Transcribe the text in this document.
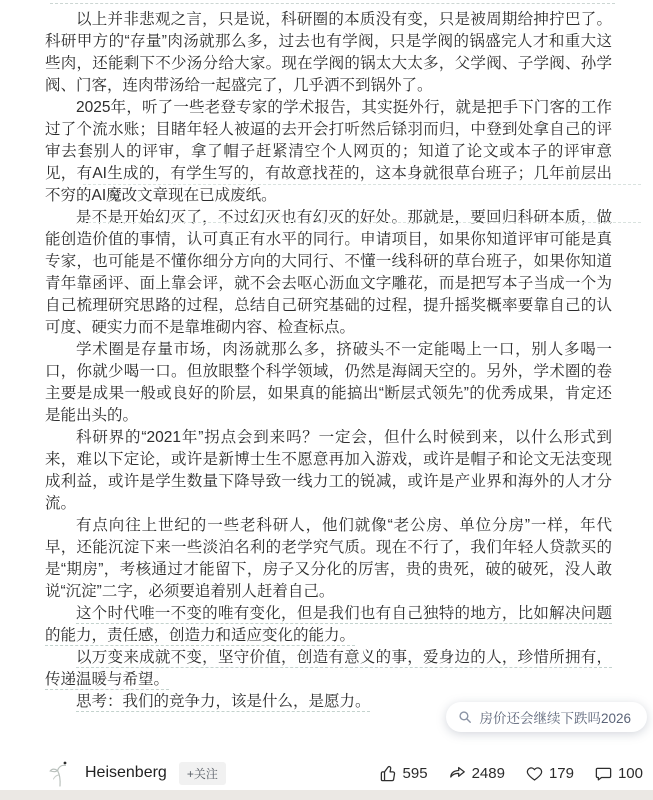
以上并非悲观之言，只是说，科研圈的本质没有变，只是被周期给抻拧巴了。科研甲方的“存量”肉汤就那么多，过去也有学阀，只是学阀的锅盛完人才和重大这些肉，还能剩下不少汤分给大家。现在学阀的锅太大太多，父学阀、子学阀、孙学阀、门客，连肉带汤给一起盛完了，几乎洒不到锅外了。

2025年，听了一些老登专家的学术报告，其实挺外行，就是把手下门客的工作过了个流水账；目睹年轻人被逼的去开会打听然后铩羽而归，中登到处拿自己的评审去套别人的评审，拿了帽子赶紧清空个人网页的；知道了论文或本子的评审意见，有AI生成的，有学生写的，有故意找茬的，这本身就很草台班子；几年前层出不穷的AI魔改文章现在已成废纸。

是不是开始幻灭了，不过幻灭也有幻灭的好处。那就是，要回归科研本质，做能创造价值的事情，认可真正有水平的同行。申请项目，如果你知道评审可能是真专家，也可能是不懂你细分方向的大同行、不懂一线科研的草台班子，如果你知道青年靠函评、面上靠会评，就不会去呕心沥血文字雕花，而是把写本子当成一个为自己梳理研究思路的过程，总结自己研究基础的过程，提升摇奖概率要靠自己的认可度、硬实力而不是靠堆砌内容、检查标点。

学术圈是存量市场，肉汤就那么多，挤破头不一定能喝上一口，别人多喝一口，你就少喝一口。但放眼整个科学领域，仍然是海阔天空的。另外，学术圈的卷主要是成果一般或良好的阶层，如果真的能搞出“断层式领先”的优秀成果，肯定还是能出头的。

科研界的“2021年”拐点会到来吗？一定会，但什么时候到来，以什么形式到来，难以下定论，或许是新博士生不愿意再加入游戏，或许是帽子和论文无法变现成利益，或许是学生数量下降导致一线力工的锐减，或许是产业界和海外的人才分流。

有点向往上世纪的一些老科研人，他们就像“老公房、单位分房”一样，年代早，还能沉淀下来一些淡泊名利的老学究气质。现在不行了，我们年轻人贷款买的是“期房”，考核通过才能留下，房子又分化的厉害，贵的贵死，破的破死，没人敢说“沉淀”二字，必须要追着别人赶着自己。

这个时代唯一不变的唯有变化，但是我们也有自己独特的地方，比如解决问题的能力，责任感，创造力和适应变化的能力。

以万变来成就不变，坚守价值，创造有意义的事，爱身边的人，珍惜所拥有，传递温暖与希望。

思考：我们的竞争力，该是什么，是愿力。

房价还会继续下跌吗2026
Heisenberg	+关注	595	2489	179	100
